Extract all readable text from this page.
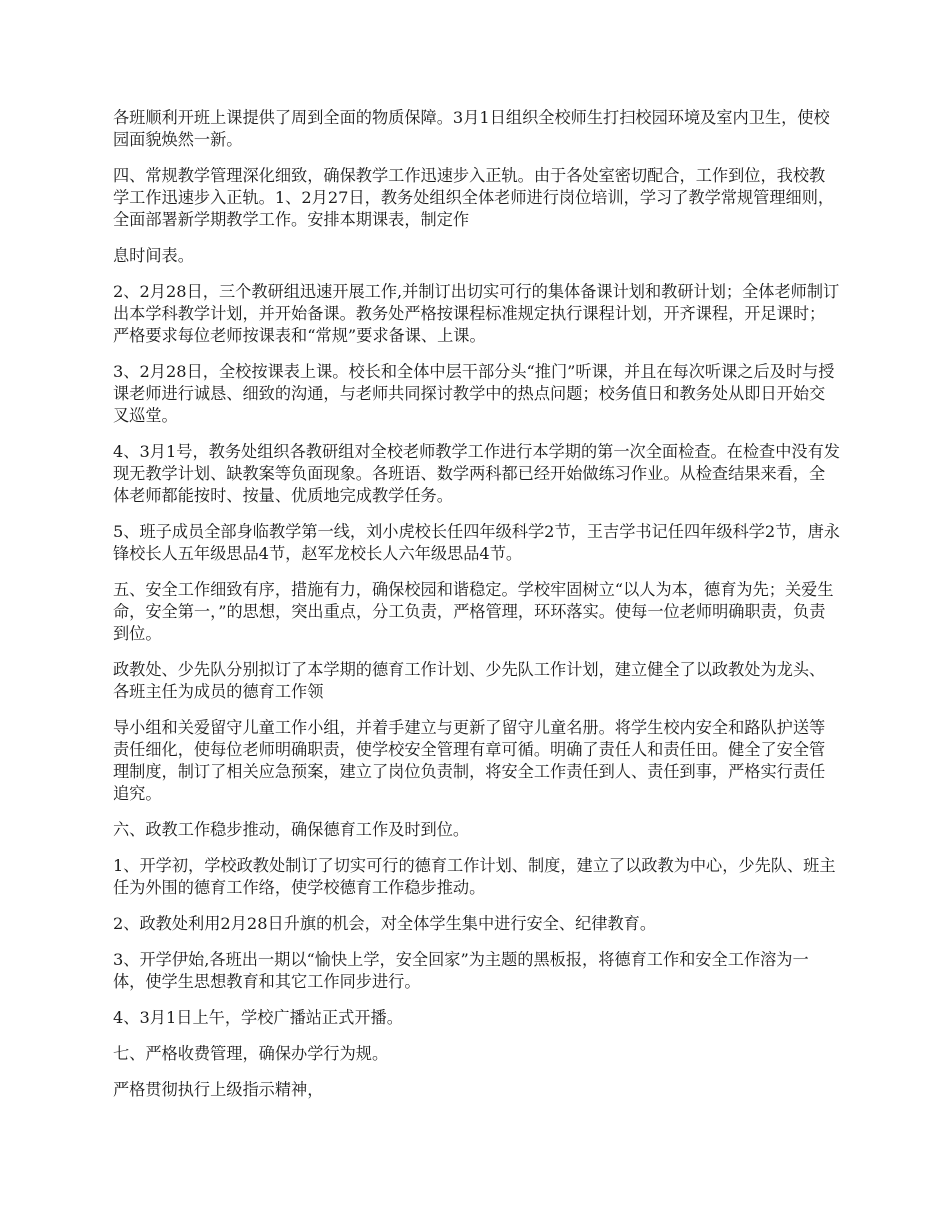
各班顺利开班上课提供了周到全面的物质保障。3月1日组织全校师生打扫校园环境及室内卫生，使校园面貌焕然一新。

四、常规教学管理深化细致，确保教学工作迅速步入正轨。由于各处室密切配合，工作到位，我校教学工作迅速步入正轨。1、2月27日，教务处组织全体老师进行岗位培训，学习了教学常规管理细则，全面部署新学期教学工作。安排本期课表，制定作

息时间表。

2、2月28日，三个教研组迅速开展工作,并制订出切实可行的集体备课计划和教研计划；全体老师制订出本学科教学计划，并开始备课。教务处严格按课程标准规定执行课程计划，开齐课程，开足课时；严格要求每位老师按课表和“常规”要求备课、上课。

3、2月28日，全校按课表上课。校长和全体中层干部分头“推门”听课，并且在每次听课之后及时与授课老师进行诚恳、细致的沟通，与老师共同探讨教学中的热点问题；校务值日和教务处从即日开始交叉巡堂。

4、3月1号，教务处组织各教研组对全校老师教学工作进行本学期的第一次全面检查。在检查中没有发现无教学计划、缺教案等负面现象。各班语、数学两科都已经开始做练习作业。从检查结果来看，全体老师都能按时、按量、优质地完成教学任务。

5、班子成员全部身临教学第一线，刘小虎校长任四年级科学2节，王吉学书记任四年级科学2节，唐永锋校长人五年级思品4节，赵军龙校长人六年级思品4节。

五、安全工作细致有序，措施有力，确保校园和谐稳定。学校牢固树立“以人为本，德育为先；关爱生命，安全第一，”的思想，突出重点，分工负责，严格管理，环环落实。使每一位老师明确职责，负责到位。

政教处、少先队分别拟订了本学期的德育工作计划、少先队工作计划，建立健全了以政教处为龙头、各班主任为成员的德育工作领

导小组和关爱留守儿童工作小组，并着手建立与更新了留守儿童名册。将学生校内安全和路队护送等责任细化，使每位老师明确职责，使学校安全管理有章可循。明确了责任人和责任田。健全了安全管理制度，制订了相关应急预案，建立了岗位负责制，将安全工作责任到人、责任到事，严格实行责任追究。

六、政教工作稳步推动，确保德育工作及时到位。

1、开学初，学校政教处制订了切实可行的德育工作计划、制度，建立了以政教为中心，少先队、班主任为外围的德育工作络，使学校德育工作稳步推动。

2、政教处利用2月28日升旗的机会，对全体学生集中进行安全、纪律教育。

3、开学伊始,各班出一期以“愉快上学，安全回家”为主题的黑板报，将德育工作和安全工作溶为一体，使学生思想教育和其它工作同步进行。

4、3月1日上午，学校广播站正式开播。

七、严格收费管理，确保办学行为规。

严格贯彻执行上级指示精神，
